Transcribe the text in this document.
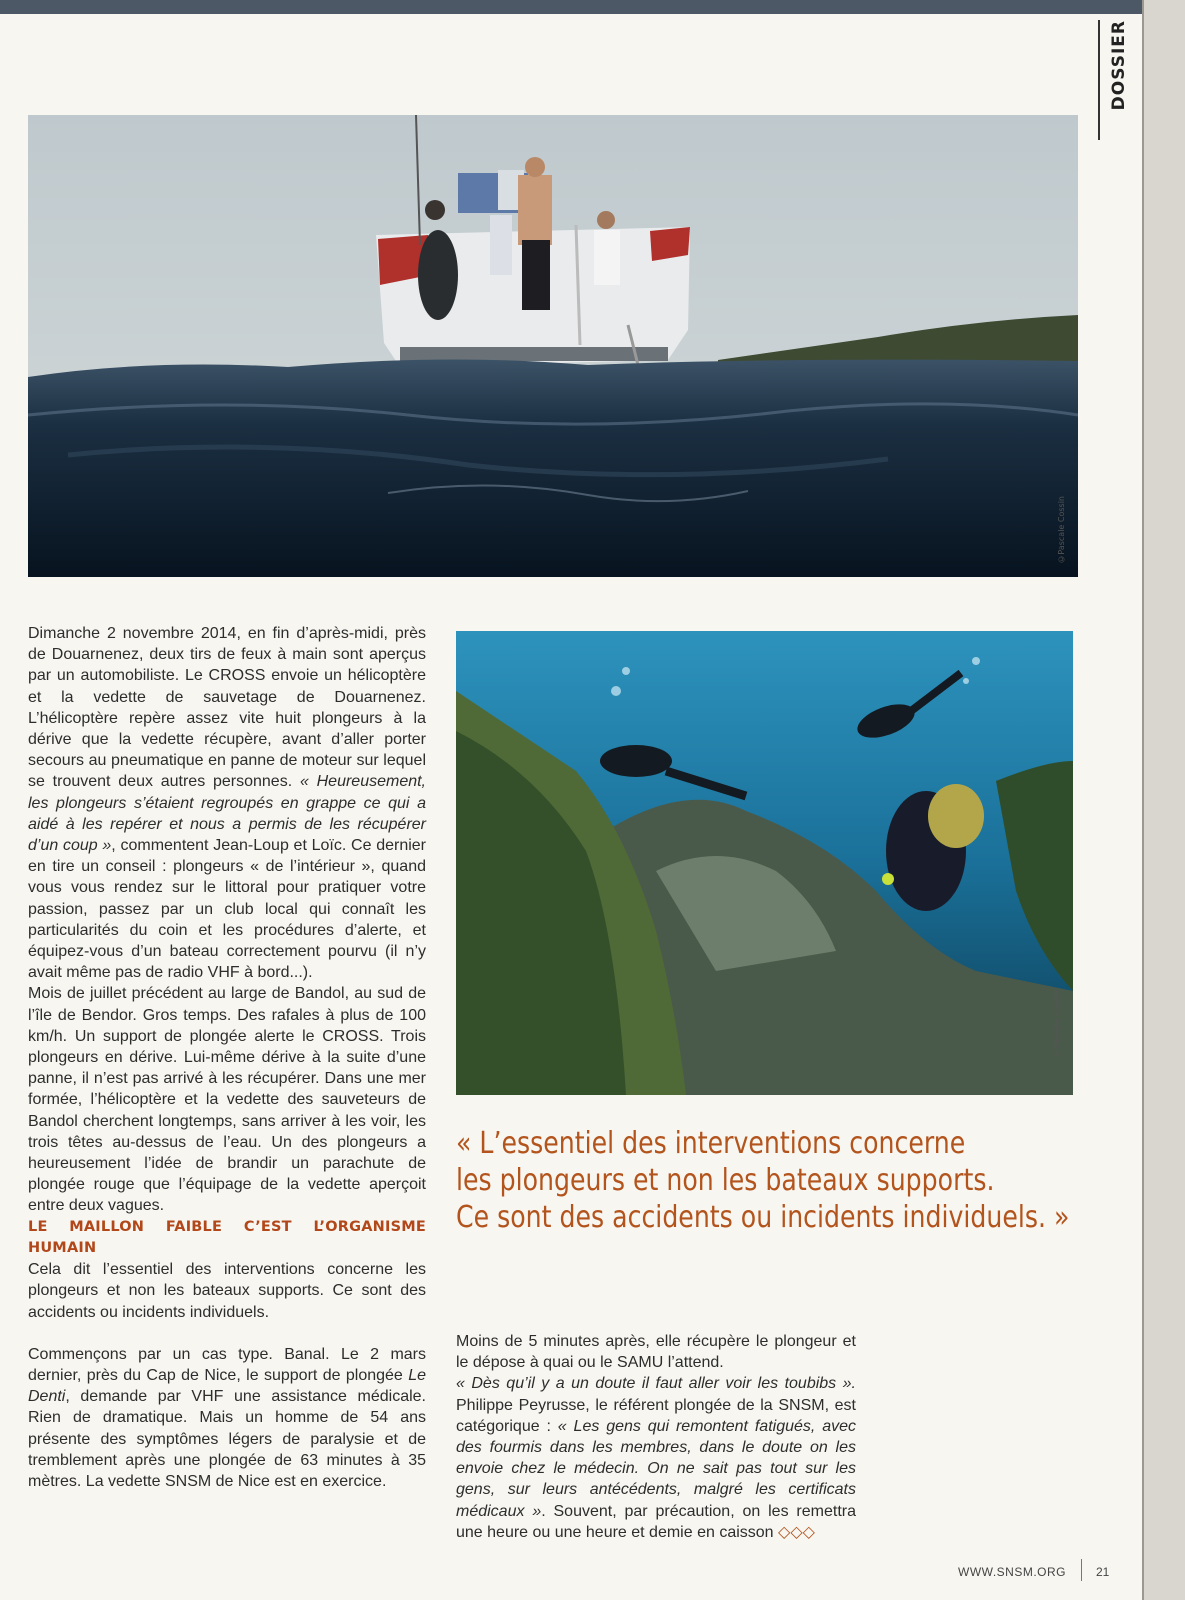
DOSSIER
©Pascale Cossin
©Pascale Cossin

Dimanche 2 novembre 2014, en fin d’après-midi, près de Douarnenez, deux tirs de feux à main sont aperçus par un automobiliste. Le CROSS envoie un hélicoptère et la vedette de sauvetage de Douarnenez. L’hélicoptère repère assez vite huit plongeurs à la dérive que la vedette récupère, avant d’aller porter secours au pneumatique en panne de moteur sur lequel se trouvent deux autres personnes. « Heureusement, les plongeurs s’étaient regroupés en grappe ce qui a aidé à les repérer et nous a permis de les récupérer d’un coup », commentent Jean-Loup et Loïc. Ce dernier en tire un conseil : plongeurs « de l’intérieur », quand vous vous rendez sur le littoral pour pratiquer votre passion, passez par un club local qui connaît les particularités du coin et les procédures d’alerte, et équipez-vous d’un bateau correctement pourvu (il n’y avait même pas de radio VHF à bord...).

Mois de juillet précédent au large de Bandol, au sud de l’île de Bendor. Gros temps. Des rafales à plus de 100 km/h. Un support de plongée alerte le CROSS. Trois plongeurs en dérive. Lui-même dérive à la suite d’une panne, il n’est pas arrivé à les récupérer. Dans une mer formée, l’hélicoptère et la vedette des sauveteurs de Bandol cherchent longtemps, sans arriver à les voir, les trois têtes au-dessus de l’eau. Un des plongeurs a heureusement l’idée de brandir un parachute de plongée rouge que l’équipage de la vedette aperçoit entre deux vagues.

LE MAILLON FAIBLE C’EST L’ORGANISME HUMAIN

Cela dit l’essentiel des interventions concerne les plongeurs et non les bateaux supports. Ce sont des accidents ou incidents individuels.

Commençons par un cas type. Banal. Le 2 mars dernier, près du Cap de Nice, le support de plongée Le Denti, demande par VHF une assistance médicale. Rien de dramatique. Mais un homme de 54 ans présente des symptômes légers de paralysie et de tremblement après une plongée de 63 minutes à 35 mètres. La vedette SNSM de Nice est en exercice.

« L’essentiel des interventions concerne
les plongeurs et non les bateaux supports.
Ce sont des accidents ou incidents individuels. »

Moins de 5 minutes après, elle récupère le plongeur et le dépose à quai ou le SAMU l’attend.

« Dès qu’il y a un doute il faut aller voir les toubibs ». Philippe Peyrusse, le référent plongée de la SNSM, est catégorique : « Les gens qui remontent fatigués, avec des fourmis dans les membres, dans le doute on les envoie chez le médecin. On ne sait pas tout sur les gens, sur leurs antécédents, malgré les certificats médicaux ». Souvent, par précaution, on les remettra une heure ou une heure et demie en caisson ◇◇◇

WWW.SNSM.ORG	21
